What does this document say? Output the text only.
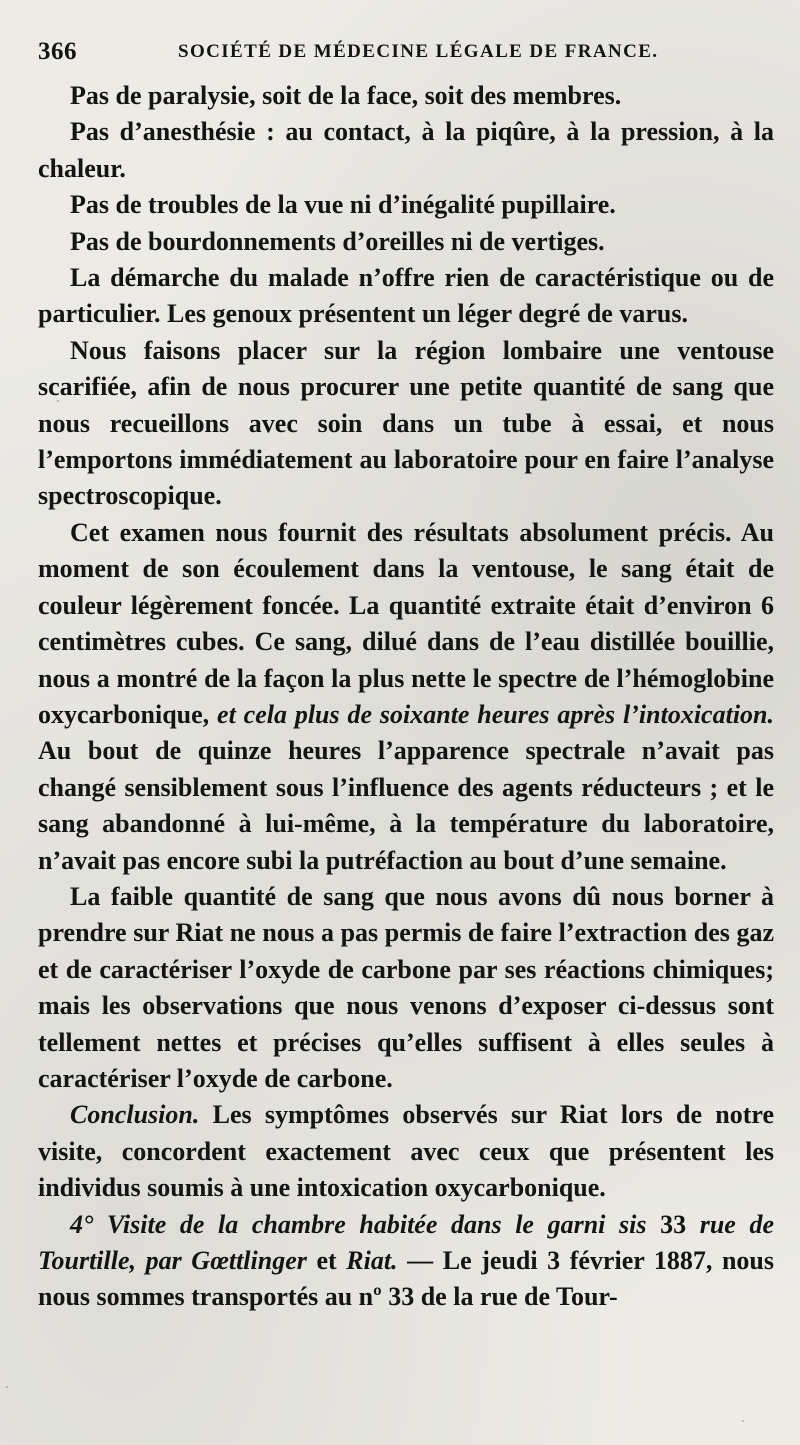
366	SOCIÉTÉ DE MÉDECINE LÉGALE DE FRANCE.

Pas de paralysie, soit de la face, soit des membres.

Pas d’anesthésie : au contact, à la piqûre, à la pression, à la chaleur.

Pas de troubles de la vue ni d’inégalité pupillaire.

Pas de bourdonnements d’oreilles ni de vertiges.

La démarche du malade n’offre rien de caractéristique ou de particulier. Les genoux présentent un léger degré de varus.

Nous faisons placer sur la région lombaire une ventouse scarifiée, afin de nous procurer une petite quantité de sang que nous recueillons avec soin dans un tube à essai, et nous l’emportons immédiatement au laboratoire pour en faire l’analyse spectroscopique.

Cet examen nous fournit des résultats absolument précis. Au moment de son écoulement dans la ventouse, le sang était de couleur légèrement foncée. La quantité extraite était d’environ 6 centimètres cubes. Ce sang, dilué dans de l’eau distillée bouillie, nous a montré de la façon la plus nette le spectre de l’hémoglobine oxycarbonique, et cela plus de soixante heures après l’intoxication. Au bout de quinze heures l’apparence spectrale n’avait pas changé sensiblement sous l’influence des agents réducteurs ; et le sang abandonné à lui-même, à la température du laboratoire, n’avait pas encore subi la putréfaction au bout d’une semaine.

La faible quantité de sang que nous avons dû nous borner à prendre sur Riat ne nous a pas permis de faire l’extraction des gaz et de caractériser l’oxyde de carbone par ses réactions chimiques; mais les observations que nous venons d’exposer ci-dessus sont tellement nettes et précises qu’elles suffisent à elles seules à caractériser l’oxyde de carbone.

Conclusion. Les symptômes observés sur Riat lors de notre visite, concordent exactement avec ceux que présentent les individus soumis à une intoxication oxycarbonique.

4° Visite de la chambre habitée dans le garni sis 33 rue de Tourtille, par Gœttlinger et Riat. — Le jeudi 3 février 1887, nous nous sommes transportés au nº 33 de la rue de Tour-
